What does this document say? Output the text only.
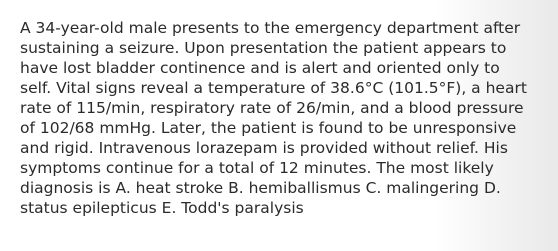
A 34-year-old male presents to the emergency department after
sustaining a seizure. Upon presentation the patient appears to
have lost bladder continence and is alert and oriented only to
self. Vital signs reveal a temperature of 38.6°C (101.5°F), a heart
rate of 115/min, respiratory rate of 26/min, and a blood pressure
of 102/68 mmHg. Later, the patient is found to be unresponsive
and rigid. Intravenous lorazepam is provided without relief. His
symptoms continue for a total of 12 minutes. The most likely
diagnosis is A. heat stroke B. hemiballismus C. malingering D.
status epilepticus E. Todd's paralysis
